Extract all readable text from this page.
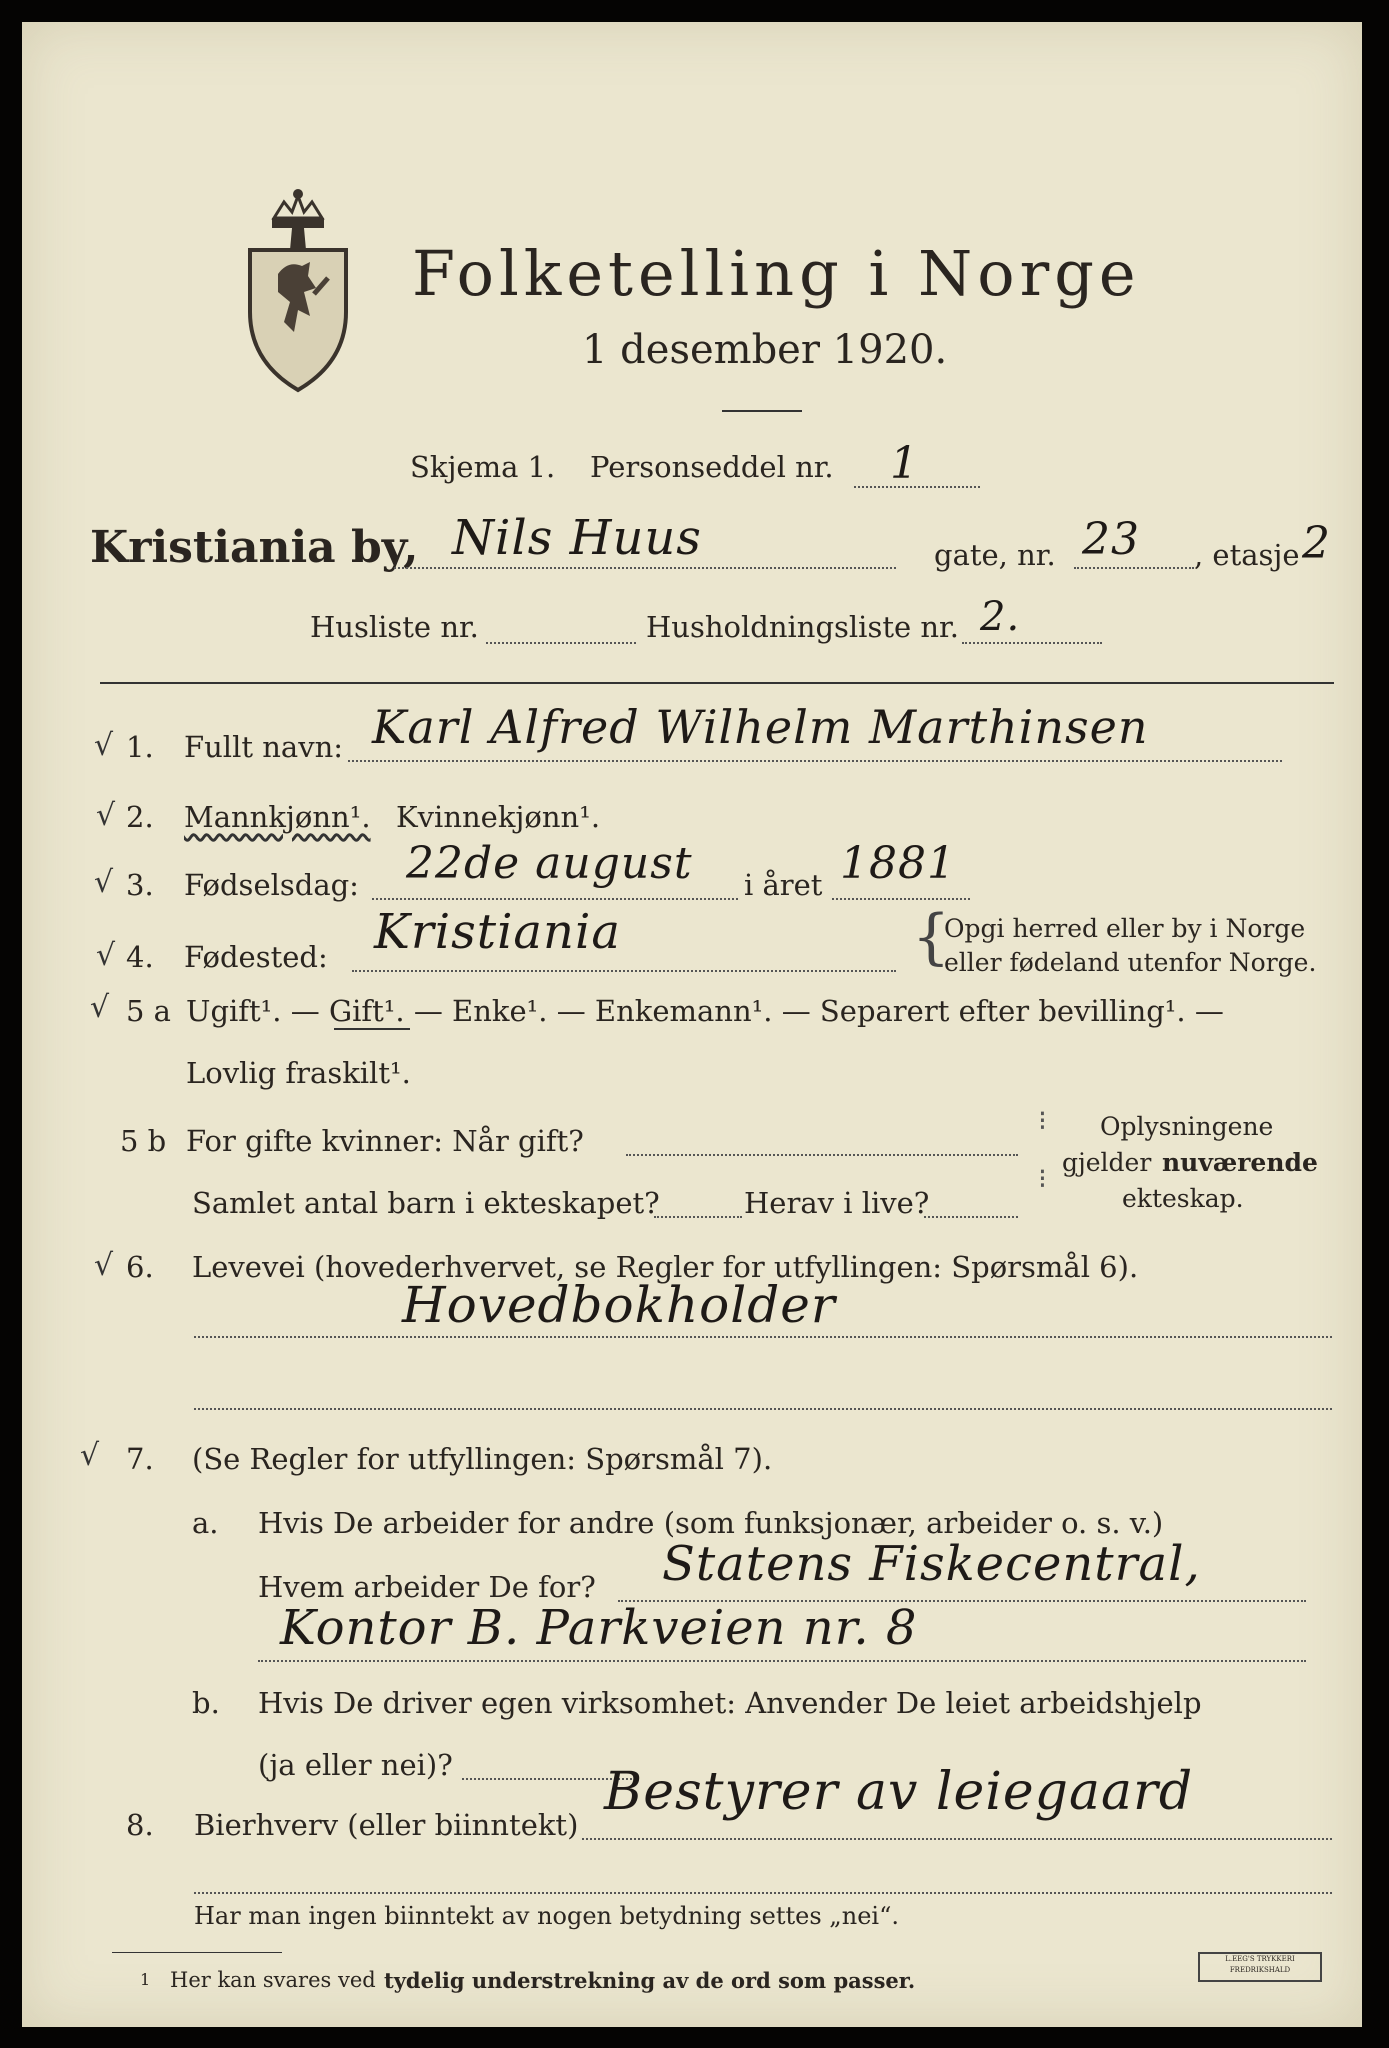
Folketelling i Norge
1 desember 1920.
Skjema 1. Personseddel nr. 1
Kristiania by, Nils Huus	gate, nr. 23 , etasje 2
Husliste nr.	Husholdningsliste nr. 2.
√ 1. Fullt navn: Karl Alfred Wilhelm Marthinsen
√ 2. Mannkjønn¹. Kvinnekjønn¹.
√ 3. Fødselsdag: 22de august i året 1881
√ 4. Fødested: Kristiania	{
Opgi herred eller by i Norge
eller fødeland utenfor Norge.
√ 5 a Ugift¹. — Gift¹. — Enke¹. — Enkemann¹. — Separert efter bevilling¹. —
Lovlig fraskilt¹.
5 b For gifte kvinner: Når gift?
Samlet antal barn i ekteskapet?	Herav i live?
⁝
⁝
Oplysningene
gjelder nuværende
ekteskap.
√ 6. Levevei (hovederhvervet, se Regler for utfyllingen: Spørsmål 6).
Hovedbokholder
√ 7. (Se Regler for utfyllingen: Spørsmål 7).
a. Hvis De arbeider for andre (som funksjonær, arbeider o. s. v.)
Hvem arbeider De for? Statens Fiskecentral,
Kontor B. Parkveien nr. 8
b. Hvis De driver egen virksomhet: Anvender De leiet arbeidshjelp
(ja eller nei)?
8. Bierhverv (eller biinntekt)
Bestyrer av leiegaard
Har man ingen biinntekt av nogen betydning settes „nei“.
1 Her kan svares ved tydelig understrekning av de ord som passer.
L.EEG'S TRYKKERI FREDRIKSHALD
